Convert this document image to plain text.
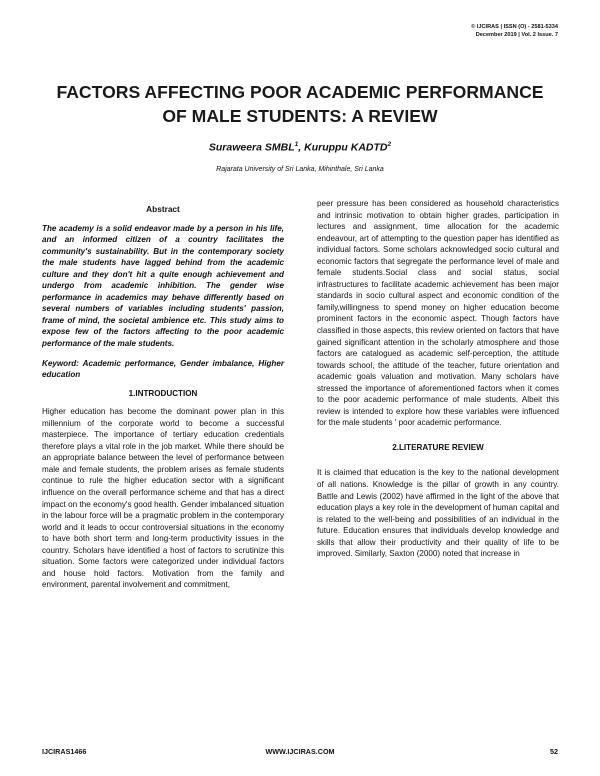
© IJCIRAS | ISSN (O) - 2581-5334
December 2019 | Vol. 2 Issue. 7
FACTORS AFFECTING POOR ACADEMIC PERFORMANCE
OF MALE STUDENTS: A REVIEW
Suraweera SMBL$^1$, Kuruppu KADTD$^2$
Rajarata University of Sri Lanka, Mihinthale, Sri Lanka

Abstract

The academy is a solid endeavor made by a person in his life, and an informed citizen of a country facilitates the community's sustainability. But in the contemporary society the male students have lagged behind from the academic culture and they don't hit a quite enough achievement and undergo from academic inhibition. The gender wise performance in academics may behave differently based on several numbers of variables including students' passion, frame of mind, the societal ambience etc. This study aims to expose few of the factors affecting to the poor academic performance of the male students.

Keyword: Academic performance, Gender imbalance, Higher education

1.INTRODUCTION

Higher education has become the dominant power plan in this millennium of the corporate world to become a successful masterpiece. The importance of tertiary education credentials therefore plays a vital role in the job market. While there should be an appropriate balance between the level of performance between male and female students, the problem arises as female students continue to rule the higher education sector with a significant influence on the overall performance scheme and that has a direct impact on the economy's good health. Gender imbalanced situation in the labour force will be a pragmatic problem in the contemporary world and it leads to occur controversial situations in the economy to have both short term and long-term productivity issues in the country. Scholars have identified a host of factors to scrutinize this situation. Some factors were categorized under individual factors and house hold factors. Motivation from the family and environment, parental involvement and commitment,

peer pressure has been considered as household characteristics and intrinsic motivation to obtain higher grades, participation in lectures and assignment, time allocation for the academic endeavour, art of attempting to the question paper has identified as individual factors. Some scholars acknowledged socio cultural and economic factors that segregate the performance level of male and female students.Social class and social status, social infrastructures to facilitate academic achievement has been major standards in socio cultural aspect and economic condition of the family,willingness to spend money on higher education become prominent factors in the economic aspect. Though factors have classified in those aspects, this review oriented on factors that have gained significant attention in the scholarly atmosphere and those factors are catalogued as academic self-perception, the attitude towards school, the attitude of the teacher, future orientation and academic goals valuation and motivation. Many scholars have stressed the importance of aforementioned factors when it comes to the poor academic performance of male students. Albeit this review is intended to explore how these variables were influenced for the male students ' poor academic performance.

2.LITERATURE REVIEW

It is claimed that education is the key to the national development of all nations. Knowledge is the pillar of growth in any country. Battle and Lewis (2002) have affirmed in the light of the above that education plays a key role in the development of human capital and is related to the well-being and possibilities of an individual in the future. Education ensures that individuals develop knowledge and skills that allow their productivity and their quality of life to be improved. Similarly, Saxton (2000) noted that increase in

IJCIRAS1466	WWW.IJCIRAS.COM	52
